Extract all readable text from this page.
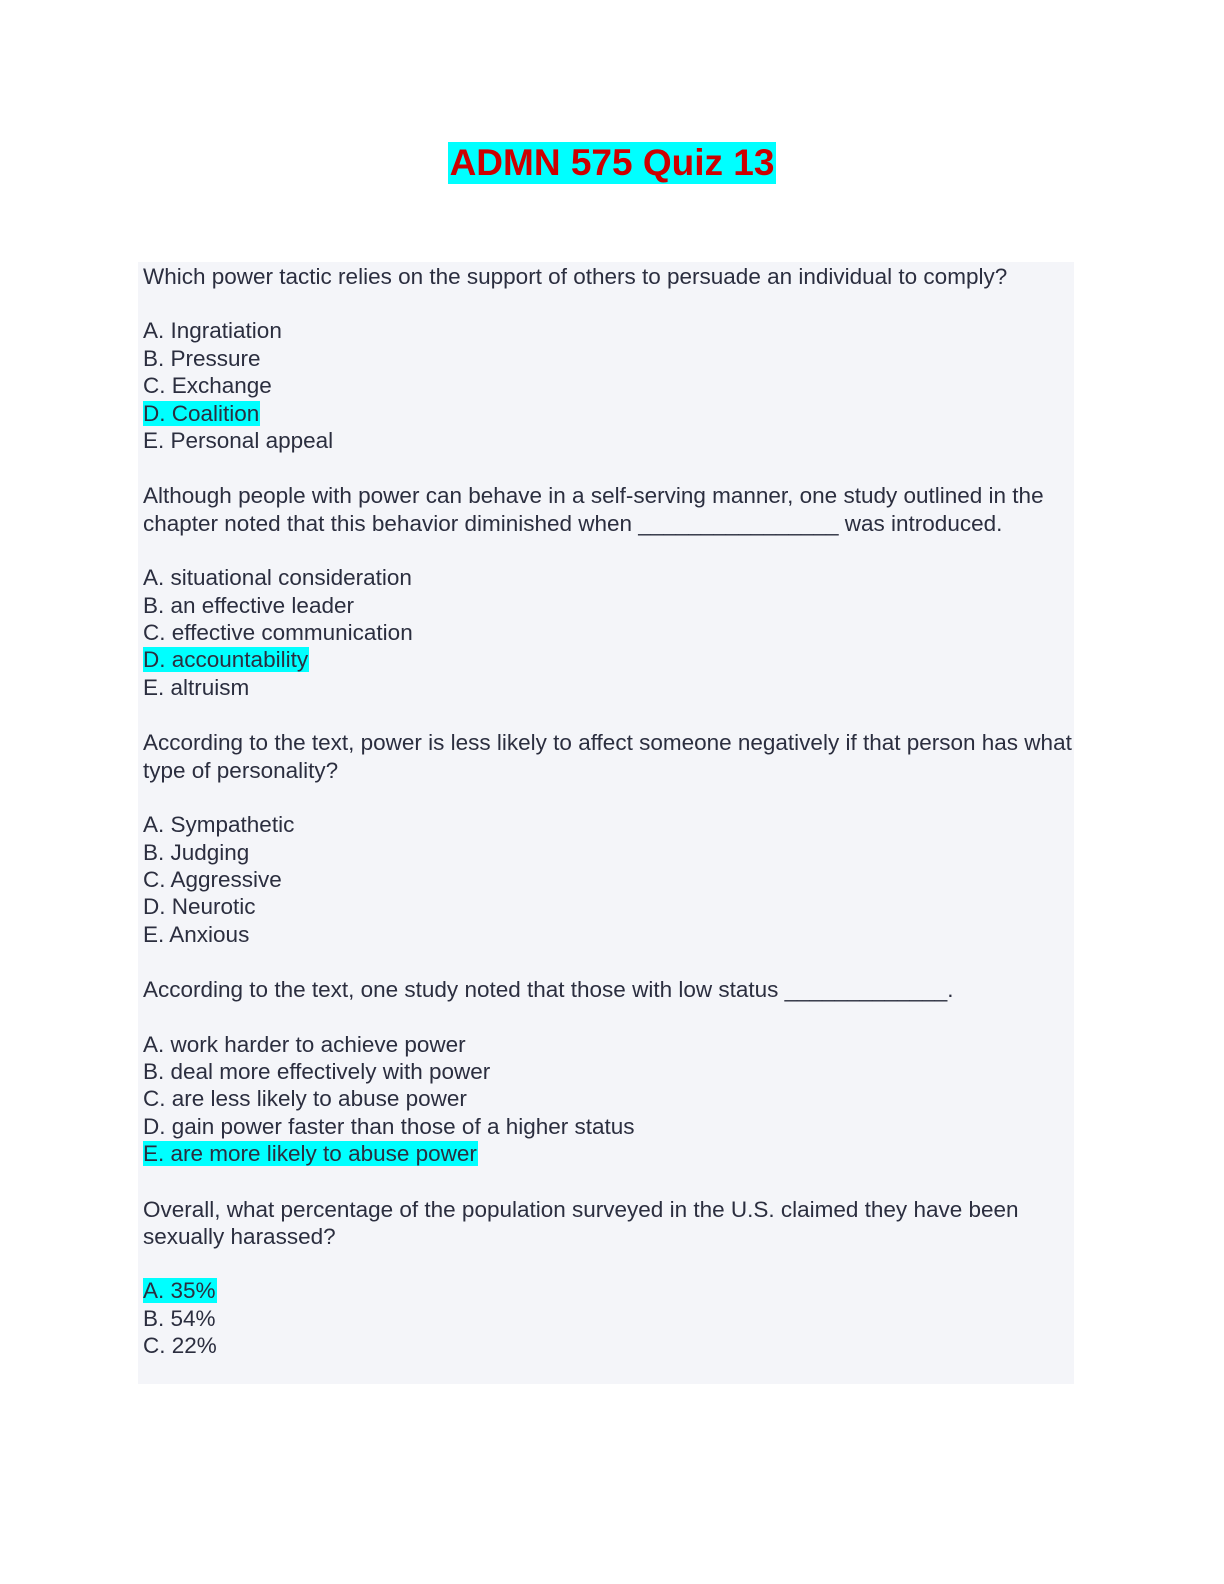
ADMN 575 Quiz 13

Which power tactic relies on the support of others to persuade an individual to comply?

A. Ingratiation
B. Pressure
C. Exchange
D. Coalition
E. Personal appeal

Although people with power can behave in a self-serving manner, one study outlined in the chapter noted that this behavior diminished when ________________ was introduced.

A. situational consideration
B. an effective leader
C. effective communication
D. accountability
E. altruism

According to the text, power is less likely to affect someone negatively if that person has what type of personality?

A. Sympathetic
B. Judging
C. Aggressive
D. Neurotic
E. Anxious

According to the text, one study noted that those with low status _____________.

A. work harder to achieve power
B. deal more effectively with power
C. are less likely to abuse power
D. gain power faster than those of a higher status
E. are more likely to abuse power

Overall, what percentage of the population surveyed in the U.S. claimed they have been sexually harassed?

A. 35%
B. 54%
C. 22%
